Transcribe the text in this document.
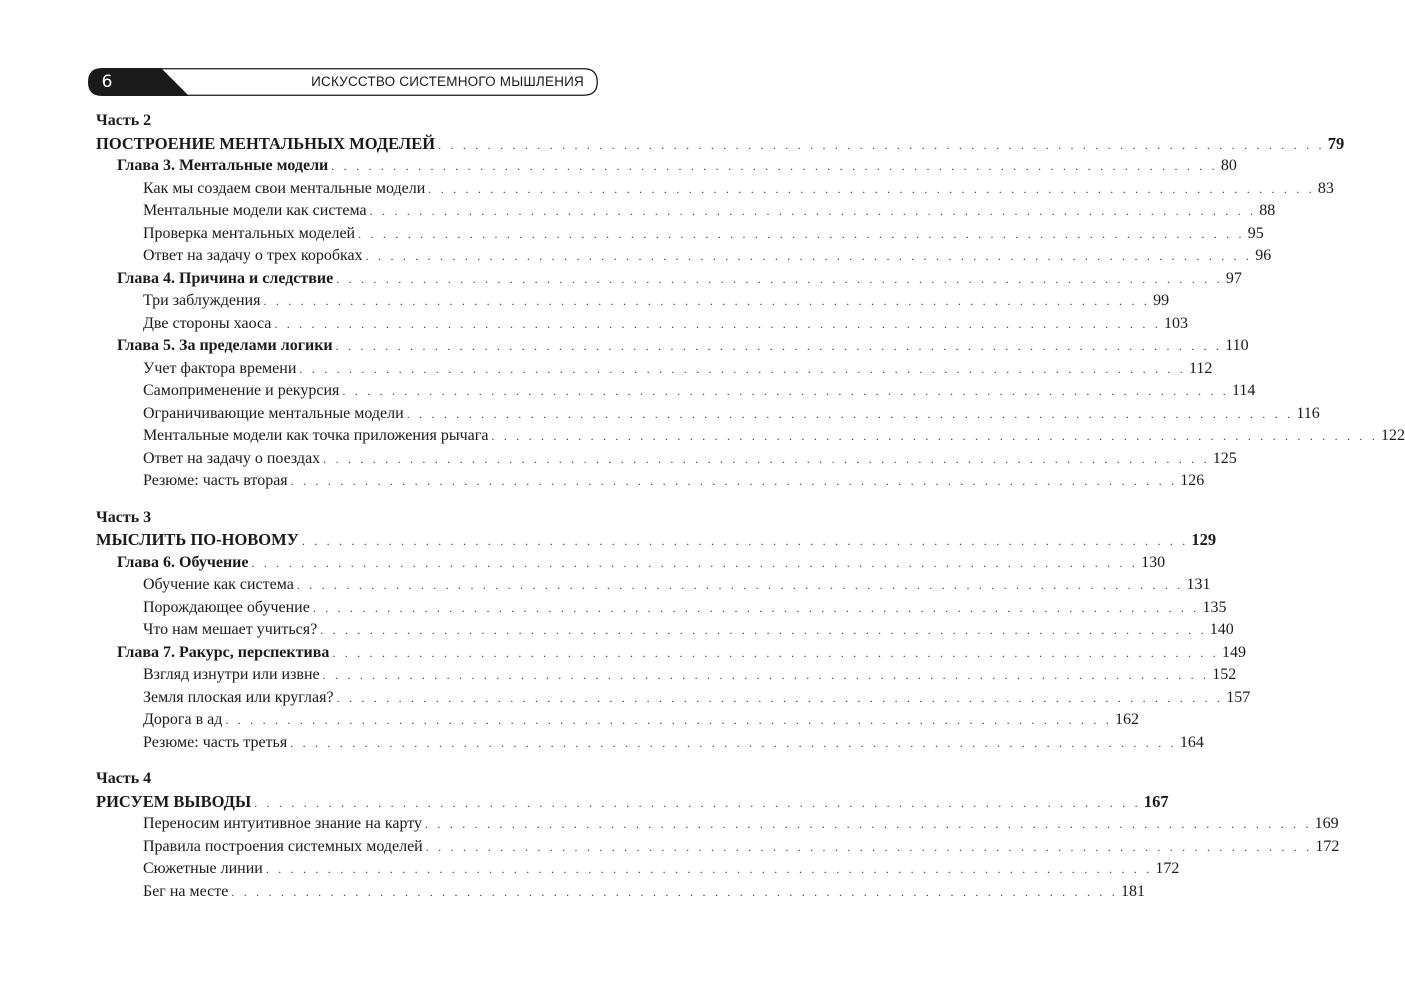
6	ИСКУССТВО СИСТЕМНОГО МЫШЛЕНИЯ
Часть 2
ПОСТРОЕНИЕ МЕНТАЛЬНЫХ МОДЕЛЕЙ . . . . . . . . . . . . . . . . . . . . . . . . . . . . . . . . . . . . . . . . . . . . . . . . . . . . . . . . . . . . . . . . . . . . . . . . 79
Глава 3. Ментальные модели . . . . . . . . . . . . . . . . . . . . . . . . . . . . . . . . . . . . . . . . . . . . . . . . . . . . . . . . . . . . . . . . . . . . . . . . 80
Как мы создаем свои ментальные модели . . . . . . . . . . . . . . . . . . . . . . . . . . . . . . . . . . . . . . . . . . . . . . . . . . . . . . . . . . . . . . . . . . . . . . . . 83
Ментальные модели как система . . . . . . . . . . . . . . . . . . . . . . . . . . . . . . . . . . . . . . . . . . . . . . . . . . . . . . . . . . . . . . . . . . . . . . . . 88
Проверка ментальных моделей . . . . . . . . . . . . . . . . . . . . . . . . . . . . . . . . . . . . . . . . . . . . . . . . . . . . . . . . . . . . . . . . . . . . . . . . 95
Ответ на задачу о трех коробках . . . . . . . . . . . . . . . . . . . . . . . . . . . . . . . . . . . . . . . . . . . . . . . . . . . . . . . . . . . . . . . . . . . . . . . . 96
Глава 4. Причина и следствие . . . . . . . . . . . . . . . . . . . . . . . . . . . . . . . . . . . . . . . . . . . . . . . . . . . . . . . . . . . . . . . . . . . . . . . . 97
Три заблуждения . . . . . . . . . . . . . . . . . . . . . . . . . . . . . . . . . . . . . . . . . . . . . . . . . . . . . . . . . . . . . . . . . . . . . . . . 99
Две стороны хаоса . . . . . . . . . . . . . . . . . . . . . . . . . . . . . . . . . . . . . . . . . . . . . . . . . . . . . . . . . . . . . . . . . . . . . . . . 103
Глава 5. За пределами логики . . . . . . . . . . . . . . . . . . . . . . . . . . . . . . . . . . . . . . . . . . . . . . . . . . . . . . . . . . . . . . . . . . . . . . . . 110
Учет фактора времени . . . . . . . . . . . . . . . . . . . . . . . . . . . . . . . . . . . . . . . . . . . . . . . . . . . . . . . . . . . . . . . . . . . . . . . . 112
Самоприменение и рекурсия . . . . . . . . . . . . . . . . . . . . . . . . . . . . . . . . . . . . . . . . . . . . . . . . . . . . . . . . . . . . . . . . . . . . . . . . 114
Ограничивающие ментальные модели . . . . . . . . . . . . . . . . . . . . . . . . . . . . . . . . . . . . . . . . . . . . . . . . . . . . . . . . . . . . . . . . . . . . . . . . 116
Ментальные модели как точка приложения рычага . . . . . . . . . . . . . . . . . . . . . . . . . . . . . . . . . . . . . . . . . . . . . . . . . . . . . . . . . . . . . . . . . . . . . . . . 122
Ответ на задачу о поездах . . . . . . . . . . . . . . . . . . . . . . . . . . . . . . . . . . . . . . . . . . . . . . . . . . . . . . . . . . . . . . . . . . . . . . . . 125
Резюме: часть вторая . . . . . . . . . . . . . . . . . . . . . . . . . . . . . . . . . . . . . . . . . . . . . . . . . . . . . . . . . . . . . . . . . . . . . . . . 126
Часть 3
МЫСЛИТЬ ПО-НОВОМУ . . . . . . . . . . . . . . . . . . . . . . . . . . . . . . . . . . . . . . . . . . . . . . . . . . . . . . . . . . . . . . . . . . . . . . . . 129
Глава 6. Обучение . . . . . . . . . . . . . . . . . . . . . . . . . . . . . . . . . . . . . . . . . . . . . . . . . . . . . . . . . . . . . . . . . . . . . . . . 130
Обучение как система . . . . . . . . . . . . . . . . . . . . . . . . . . . . . . . . . . . . . . . . . . . . . . . . . . . . . . . . . . . . . . . . . . . . . . . . 131
Порождающее обучение . . . . . . . . . . . . . . . . . . . . . . . . . . . . . . . . . . . . . . . . . . . . . . . . . . . . . . . . . . . . . . . . . . . . . . . . 135
Что нам мешает учиться? . . . . . . . . . . . . . . . . . . . . . . . . . . . . . . . . . . . . . . . . . . . . . . . . . . . . . . . . . . . . . . . . . . . . . . . . 140
Глава 7. Ракурс, перспектива . . . . . . . . . . . . . . . . . . . . . . . . . . . . . . . . . . . . . . . . . . . . . . . . . . . . . . . . . . . . . . . . . . . . . . . . 149
Взгляд изнутри или извне . . . . . . . . . . . . . . . . . . . . . . . . . . . . . . . . . . . . . . . . . . . . . . . . . . . . . . . . . . . . . . . . . . . . . . . . 152
Земля плоская или круглая? . . . . . . . . . . . . . . . . . . . . . . . . . . . . . . . . . . . . . . . . . . . . . . . . . . . . . . . . . . . . . . . . . . . . . . . . 157
Дорога в ад . . . . . . . . . . . . . . . . . . . . . . . . . . . . . . . . . . . . . . . . . . . . . . . . . . . . . . . . . . . . . . . . . . . . . . . . 162
Резюме: часть третья . . . . . . . . . . . . . . . . . . . . . . . . . . . . . . . . . . . . . . . . . . . . . . . . . . . . . . . . . . . . . . . . . . . . . . . . 164
Часть 4
РИСУЕМ ВЫВОДЫ . . . . . . . . . . . . . . . . . . . . . . . . . . . . . . . . . . . . . . . . . . . . . . . . . . . . . . . . . . . . . . . . . . . . . . . . 167
Переносим интуитивное знание на карту . . . . . . . . . . . . . . . . . . . . . . . . . . . . . . . . . . . . . . . . . . . . . . . . . . . . . . . . . . . . . . . . . . . . . . . . 169
Правила построения системных моделей . . . . . . . . . . . . . . . . . . . . . . . . . . . . . . . . . . . . . . . . . . . . . . . . . . . . . . . . . . . . . . . . . . . . . . . . 172
Сюжетные линии . . . . . . . . . . . . . . . . . . . . . . . . . . . . . . . . . . . . . . . . . . . . . . . . . . . . . . . . . . . . . . . . . . . . . . . . 172
Бег на месте . . . . . . . . . . . . . . . . . . . . . . . . . . . . . . . . . . . . . . . . . . . . . . . . . . . . . . . . . . . . . . . . . . . . . . . . 181
